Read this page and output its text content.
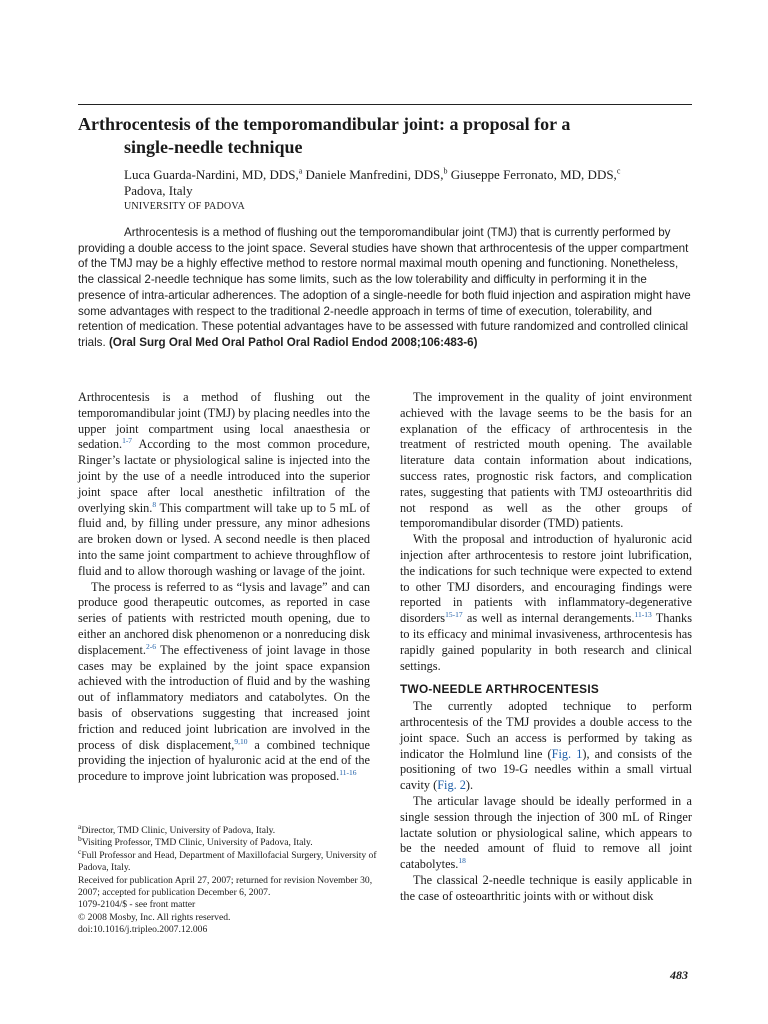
Arthrocentesis of the temporomandibular joint: a proposal for a
single-needle technique
Luca Guarda-Nardini, MD, DDS,$^a$ Daniele Manfredini, DDS,$^b$ Giuseppe Ferronato, MD, DDS,$^c$
Padova, Italy
UNIVERSITY OF PADOVA

Arthrocentesis is a method of flushing out the temporomandibular joint (TMJ) that is currently performed by providing a double access to the joint space. Several studies have shown that arthrocentesis of the upper compartment of the TMJ may be a highly effective method to restore normal maximal mouth opening and functioning. Nonetheless, the classical 2-needle technique has some limits, such as the low tolerability and difficulty in performing it in the presence of intra-articular adherences. The adoption of a single-needle for both fluid injection and aspiration might have some advantages with respect to the traditional 2-needle approach in terms of time of execution, tolerability, and retention of medication. These potential advantages have to be assessed with future randomized and controlled clinical trials. (Oral Surg Oral Med Oral Pathol Oral Radiol Endod 2008;106:483-6)

Arthrocentesis is a method of flushing out the temporomandibular joint (TMJ) by placing needles into the upper joint compartment using local anaesthesia or sedation.$^{1-7}$ According to the most common procedure, Ringer’s lactate or physiological saline is injected into the joint by the use of a needle introduced into the superior joint space after local anesthetic infiltration of the overlying skin.$^8$ This compartment will take up to 5 mL of fluid and, by filling under pressure, any minor adhesions are broken down or lysed. A second needle is then placed into the same joint compartment to achieve throughflow of fluid and to allow thorough washing or lavage of the joint.

The process is referred to as “lysis and lavage” and can produce good therapeutic outcomes, as reported in case series of patients with restricted mouth opening, due to either an anchored disk phenomenon or a nonreducing disk displacement.$^{2-6}$ The effectiveness of joint lavage in those cases may be explained by the joint space expansion achieved with the introduction of fluid and by the washing out of inflammatory mediators and catabolytes. On the basis of observations suggesting that increased joint friction and reduced joint lubrication are involved in the process of disk displacement,$^{9,10}$ a combined technique providing the injection of hyaluronic acid at the end of the procedure to improve joint lubrication was proposed.$^{11-16}$

The improvement in the quality of joint environment achieved with the lavage seems to be the basis for an explanation of the efficacy of arthrocentesis in the treatment of restricted mouth opening. The available literature data contain information about indications, success rates, prognostic risk factors, and complication rates, suggesting that patients with TMJ osteoarthritis did not respond as well as the other groups of temporomandibular disorder (TMD) patients.

With the proposal and introduction of hyaluronic acid injection after arthrocentesis to restore joint lubrification, the indications for such technique were expected to extend to other TMJ disorders, and encouraging findings were reported in patients with inflammatory-degenerative disorders$^{15-17}$ as well as internal derangements.$^{11-13}$ Thanks to its efficacy and minimal invasiveness, arthrocentesis has rapidly gained popularity in both research and clinical settings.

TWO-NEEDLE ARTHROCENTESIS

The currently adopted technique to perform arthrocentesis of the TMJ provides a double access to the joint space. Such an access is performed by taking as indicator the Holmlund line (Fig. 1), and consists of the positioning of two 19-G needles within a small virtual cavity (Fig. 2).

The articular lavage should be ideally performed in a single session through the injection of 300 mL of Ringer lactate solution or physiological saline, which appears to be the needed amount of fluid to remove all joint catabolytes.$^{18}$

The classical 2-needle technique is easily applicable in the case of osteoarthritic joints with or without disk

$^a$Director, TMD Clinic, University of Padova, Italy.

$^b$Visiting Professor, TMD Clinic, University of Padova, Italy.

$^c$Full Professor and Head, Department of Maxillofacial Surgery, University of Padova, Italy.

Received for publication April 27, 2007; returned for revision November 30, 2007; accepted for publication December 6, 2007.

1079-2104/$ - see front matter

© 2008 Mosby, Inc. All rights reserved.

doi:10.1016/j.tripleo.2007.12.006

483
